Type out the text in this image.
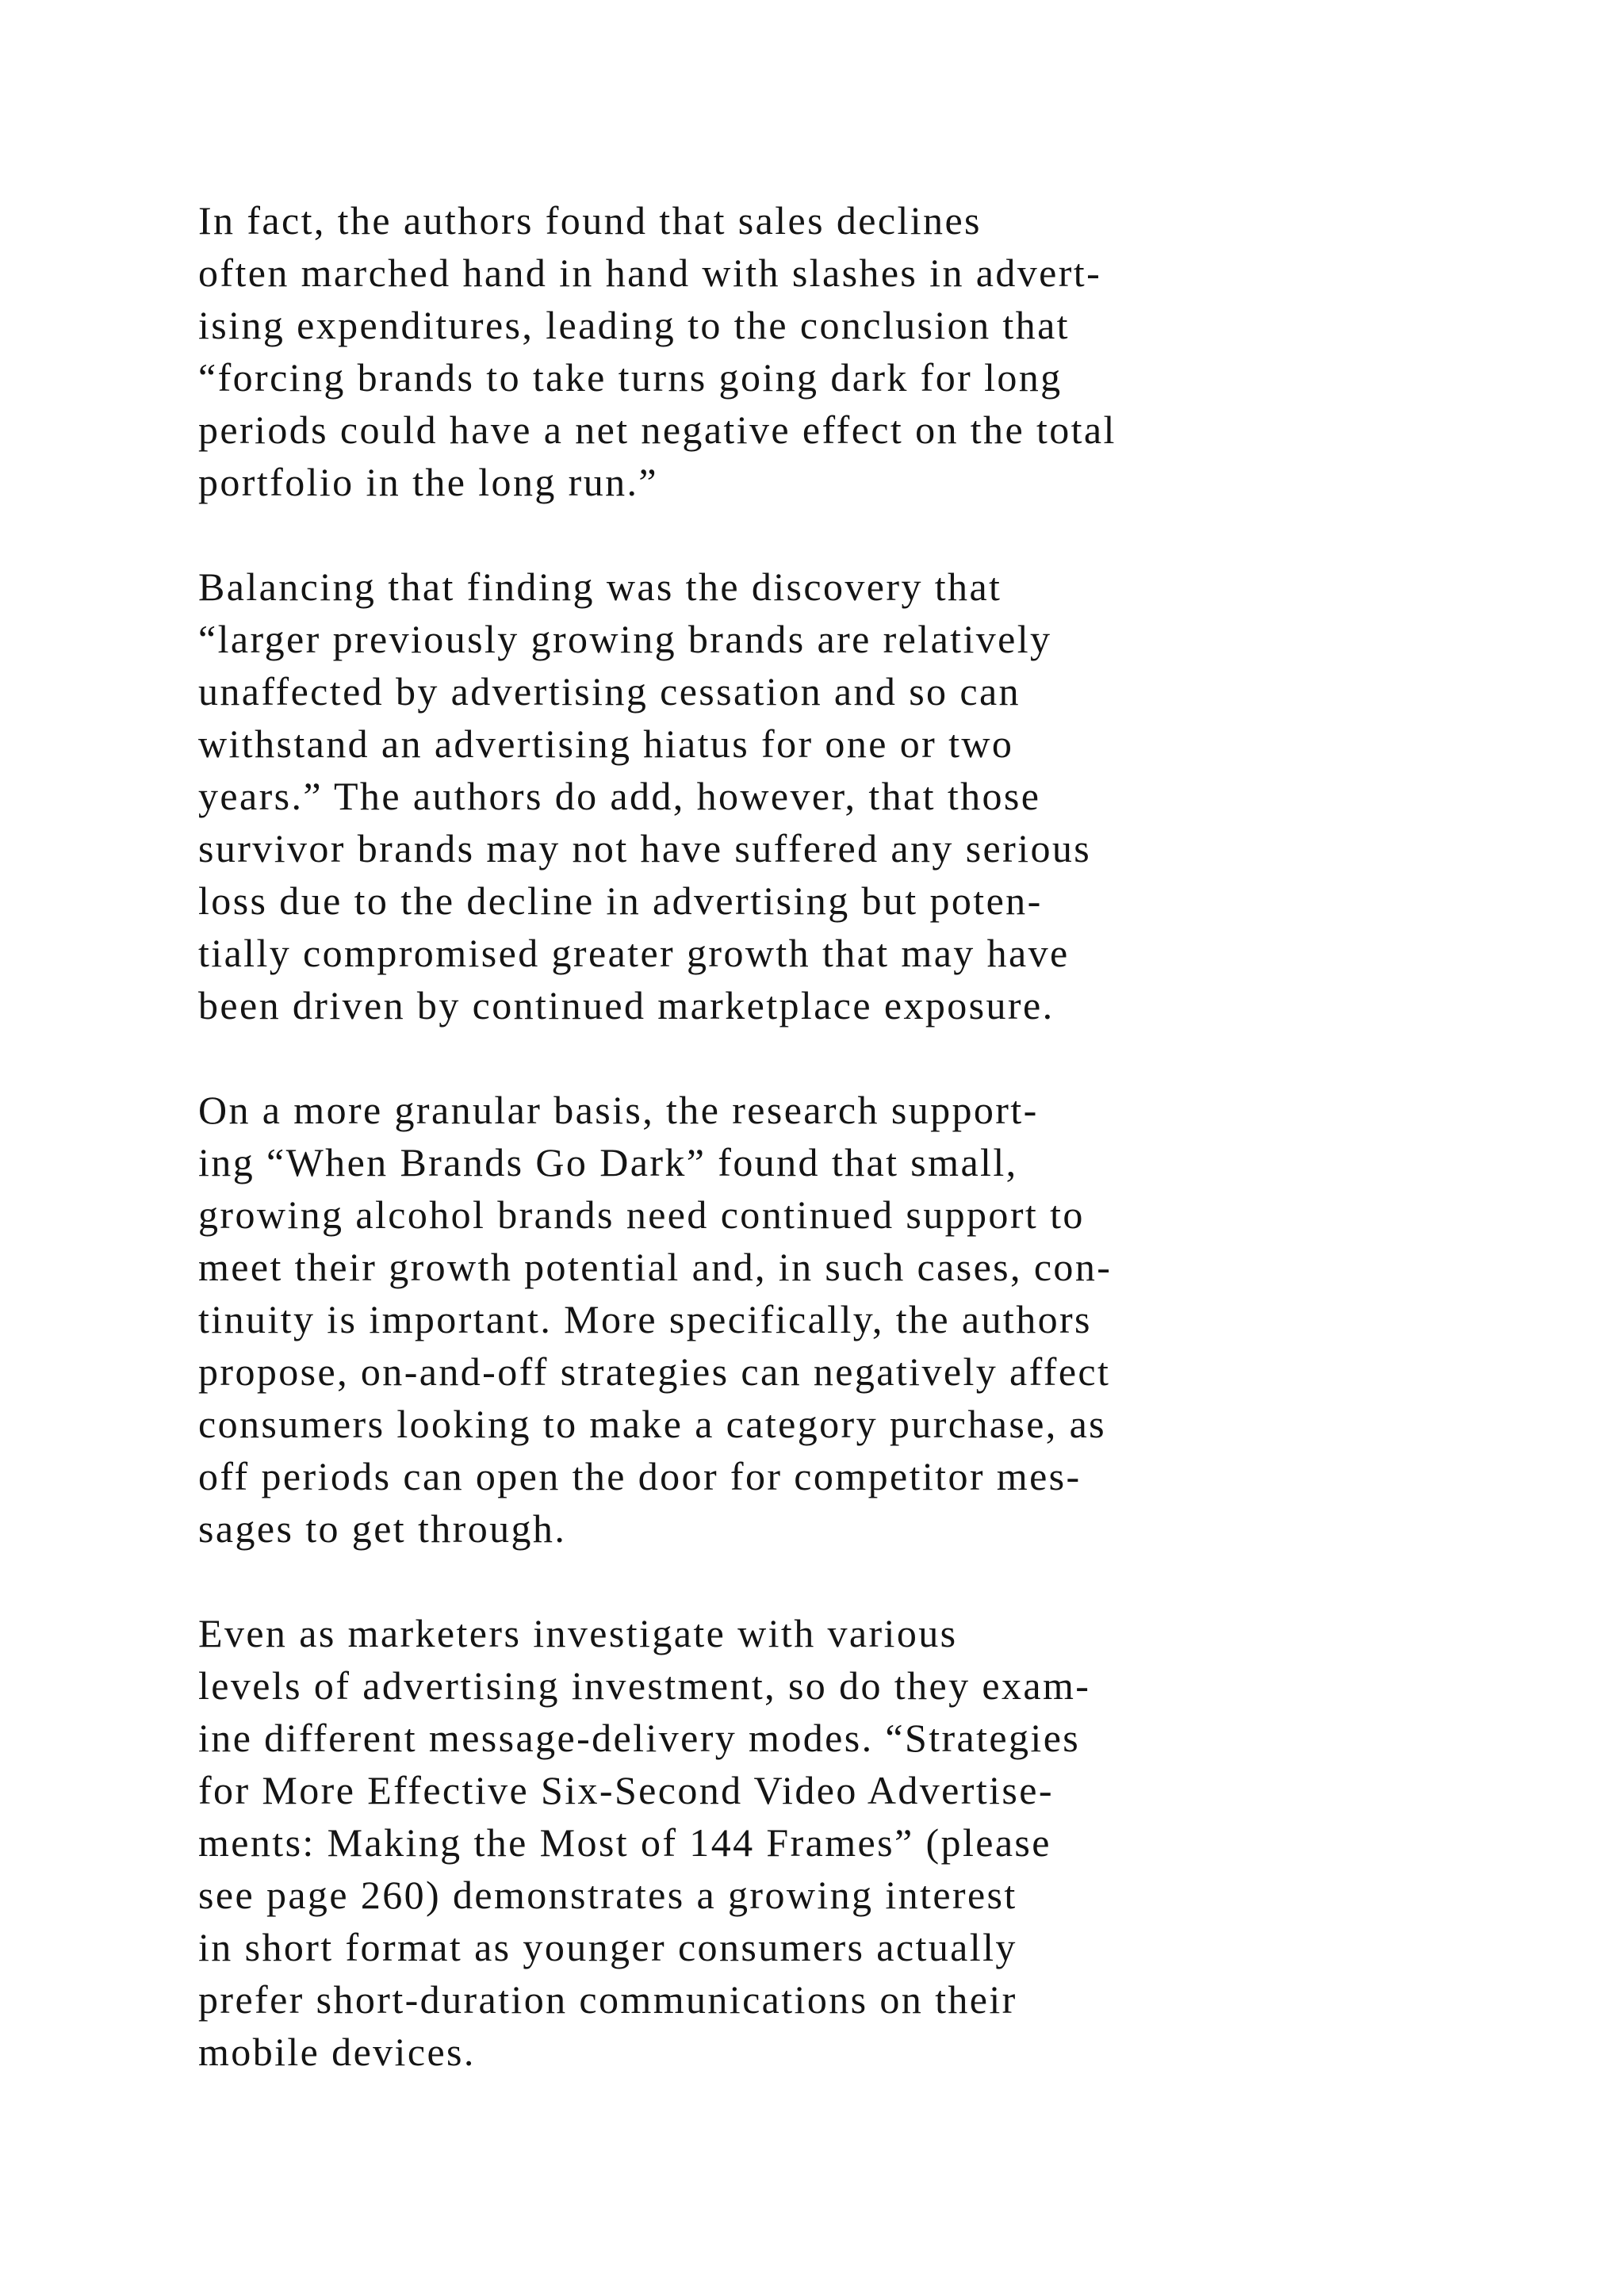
In fact, the authors found that sales declines
often marched hand in hand with slashes in advert-
ising expenditures, leading to the conclusion that
“forcing brands to take turns going dark for long
periods could have a net negative effect on the total
portfolio in the long run.”

Balancing that finding was the discovery that
“larger previously growing brands are relatively
unaffected by advertising cessation and so can
withstand an advertising hiatus for one or two
years.” The authors do add, however, that those
survivor brands may not have suffered any serious
loss due to the decline in advertising but poten-
tially compromised greater growth that may have
been driven by continued marketplace exposure.

On a more granular basis, the research support-
ing “When Brands Go Dark” found that small,
growing alcohol brands need continued support to
meet their growth potential and, in such cases, con-
tinuity is important. More specifically, the authors
propose, on-and-off strategies can negatively affect
consumers looking to make a category purchase, as
off periods can open the door for competitor mes-
sages to get through.

Even as marketers investigate with various
levels of advertising investment, so do they exam-
ine different message-delivery modes. “Strategies
for More Effective Six-Second Video Advertise-
ments: Making the Most of 144 Frames” (please
see page 260) demonstrates a growing interest
in short format as younger consumers actually
prefer short-duration communications on their
mobile devices.
